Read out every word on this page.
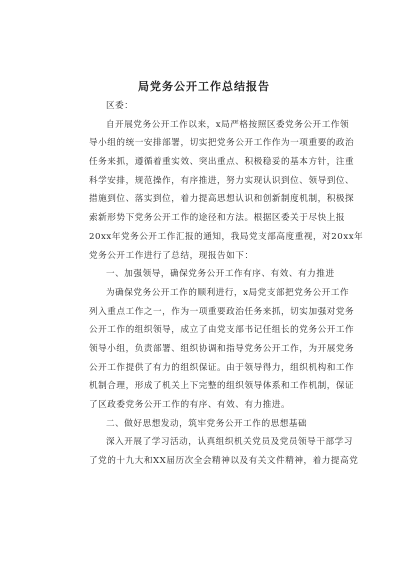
局党务公开工作总结报告
区委：
自开展党务公开工作以来，x局严格按照区委党务公开工作领
导小组的统一安排部署，切实把党务公开工作作为一项重要的政治
任务来抓，遵循着重实效、突出重点、积极稳妥的基本方针，注重
科学安排，规范操作，有序推进，努力实现认识到位、领导到位、
措施到位、落实到位，着力提高思想认识和创新制度机制，积极探
索新形势下党务公开工作的途径和方法。根据区委关于尽快上报
20xx年党务公开工作汇报的通知，我局党支部高度重视，对20xx年
党务公开工作进行了总结，现报告如下：
一、加强领导，确保党务公开工作有序、有效、有力推进
为确保党务公开工作的顺利进行，x局党支部把党务公开工作
列入重点工作之一，作为一项重要政治任务来抓，切实加强对党务
公开工作的组织领导，成立了由党支部书记任组长的党务公开工作
领导小组，负责部署、组织协调和指导党务公开工作，为开展党务
公开工作提供了有力的组织保证。由于领导得力，组织机构和工作
机制合理，形成了机关上下完整的组织领导体系和工作机制，保证
了区政委党务公开工作的有序、有效、有力推进。
二、做好思想发动，筑牢党务公开工作的思想基础
深入开展了学习活动，认真组织机关党员及党员领导干部学习
了党的十九大和XX届历次全会精神以及有关文件精神，着力提高党
